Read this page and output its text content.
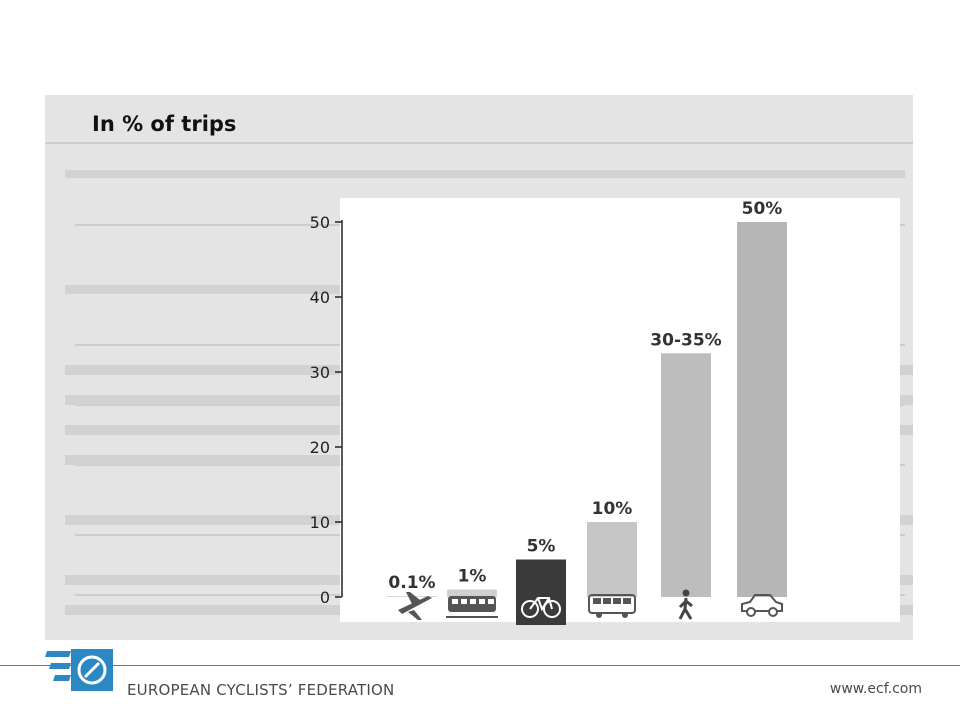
0
10
20
30
40
50
0.1% 1%
5%
10%
30-35%
50%
In % of trips
EUROPEAN CYCLISTS’ FEDERATION	www.ecf.com
